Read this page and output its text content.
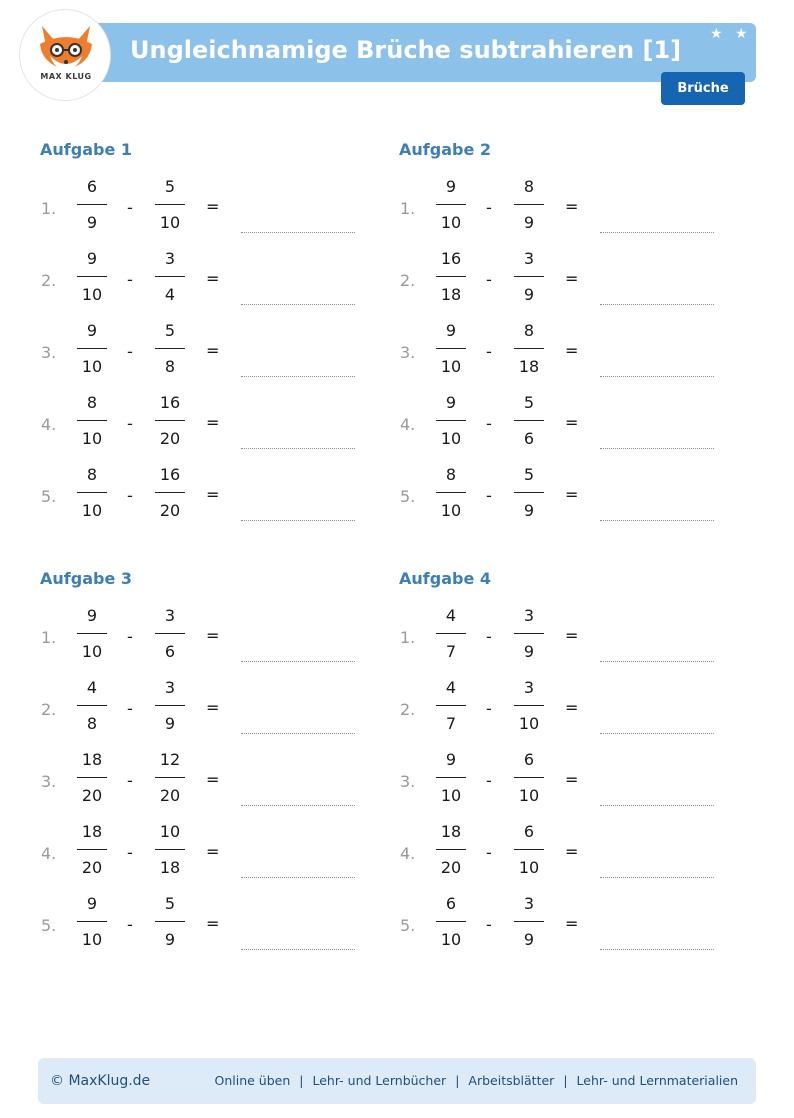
Ungleichnamige Brüche subtrahieren [1]
★ ★
MAX KLUG
Brüche
Aufgabe 1
1.
6
9
-
5
10
=
2.
9
10
-
3
4
=
3.
9
10
-
5
8
=
4.
8
10
-
16
20
=
5.
8
10
-
16
20
=
Aufgabe 2
1.
9
10
-
8
9
=
2.
16
18
-
3
9
=
3.
9
10
-
8
18
=
4.
9
10
-
5
6
=
5.
8
10
-
5
9
=
Aufgabe 3
1.
9
10
-
3
6
=
2.
4
8
-
3
9
=
3.
18
20
-
12
20
=
4.
18
20
-
10
18
=
5.
9
10
-
5
9
=
Aufgabe 4
1.
4
7
-
3
9
=
2.
4
7
-
3
10
=
3.
9
10
-
6
10
=
4.
18
20
-
6
10
=
5.
6
10
-
3
9
=
© MaxKlug.de	Online üben | Lehr- und Lernbücher | Arbeitsblätter | Lehr- und Lernmaterialien
